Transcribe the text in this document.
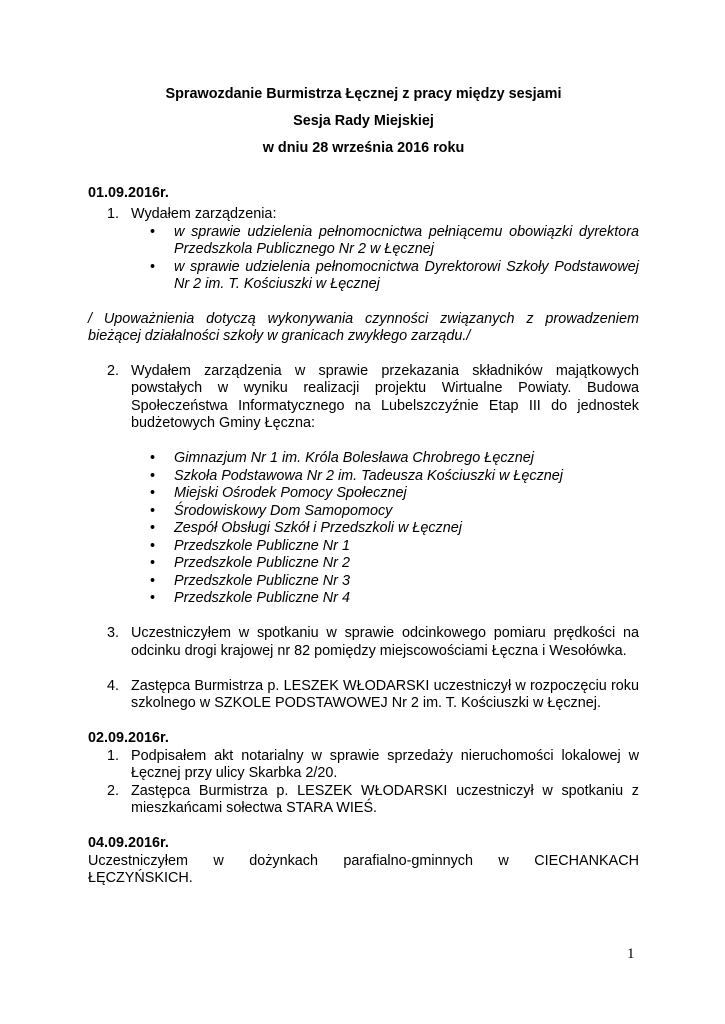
Sprawozdanie Burmistrza Łęcznej z pracy między sesjami

Sesja Rady Miejskiej

w dniu 28 września 2016 roku

01.09.2016r.

1. Wydałem zarządzenia:
• w sprawie udzielenia pełnomocnictwa pełniącemu obowiązki dyrektora Przedszkola Publicznego Nr 2 w Łęcznej
• w sprawie udzielenia pełnomocnictwa Dyrektorowi Szkoły Podstawowej Nr 2 im. T. Kościuszki w Łęcznej

/ Upoważnienia dotyczą wykonywania czynności związanych z prowadzeniem bieżącej działalności szkoły w granicach zwykłego zarządu./

2. Wydałem zarządzenia w sprawie przekazania składników majątkowych powstałych w wyniku realizacji projektu Wirtualne Powiaty. Budowa Społeczeństwa Informatycznego na Lubelszczyźnie Etap III do jednostek budżetowych Gminy Łęczna:
• Gimnazjum Nr 1 im. Króla Bolesława Chrobrego Łęcznej
• Szkoła Podstawowa Nr 2 im. Tadeusza Kościuszki w Łęcznej
• Miejski Ośrodek Pomocy Społecznej
• Środowiskowy Dom Samopomocy
• Zespół Obsługi Szkół i Przedszkoli w Łęcznej
• Przedszkole Publiczne Nr 1
• Przedszkole Publiczne Nr 2
• Przedszkole Publiczne Nr 3
• Przedszkole Publiczne Nr 4
3. Uczestniczyłem w spotkaniu w sprawie odcinkowego pomiaru prędkości na odcinku drogi krajowej nr 82 pomiędzy miejscowościami Łęczna i Wesołówka.
4. Zastępca Burmistrza p. LESZEK WŁODARSKI uczestniczył w rozpoczęciu roku szkolnego w SZKOLE PODSTAWOWEJ Nr 2 im. T. Kościuszki w Łęcznej.

02.09.2016r.

1. Podpisałem akt notarialny w sprawie sprzedaży nieruchomości lokalowej w Łęcznej przy ulicy Skarbka 2/20.
2. Zastępca Burmistrza p. LESZEK WŁODARSKI uczestniczył w spotkaniu z mieszkańcami sołectwa STARA WIEŚ.

04.09.2016r.

Uczestniczyłem w dożynkach parafialno-gminnych w CIECHANKACH ŁĘCZYŃSKICH.

1
